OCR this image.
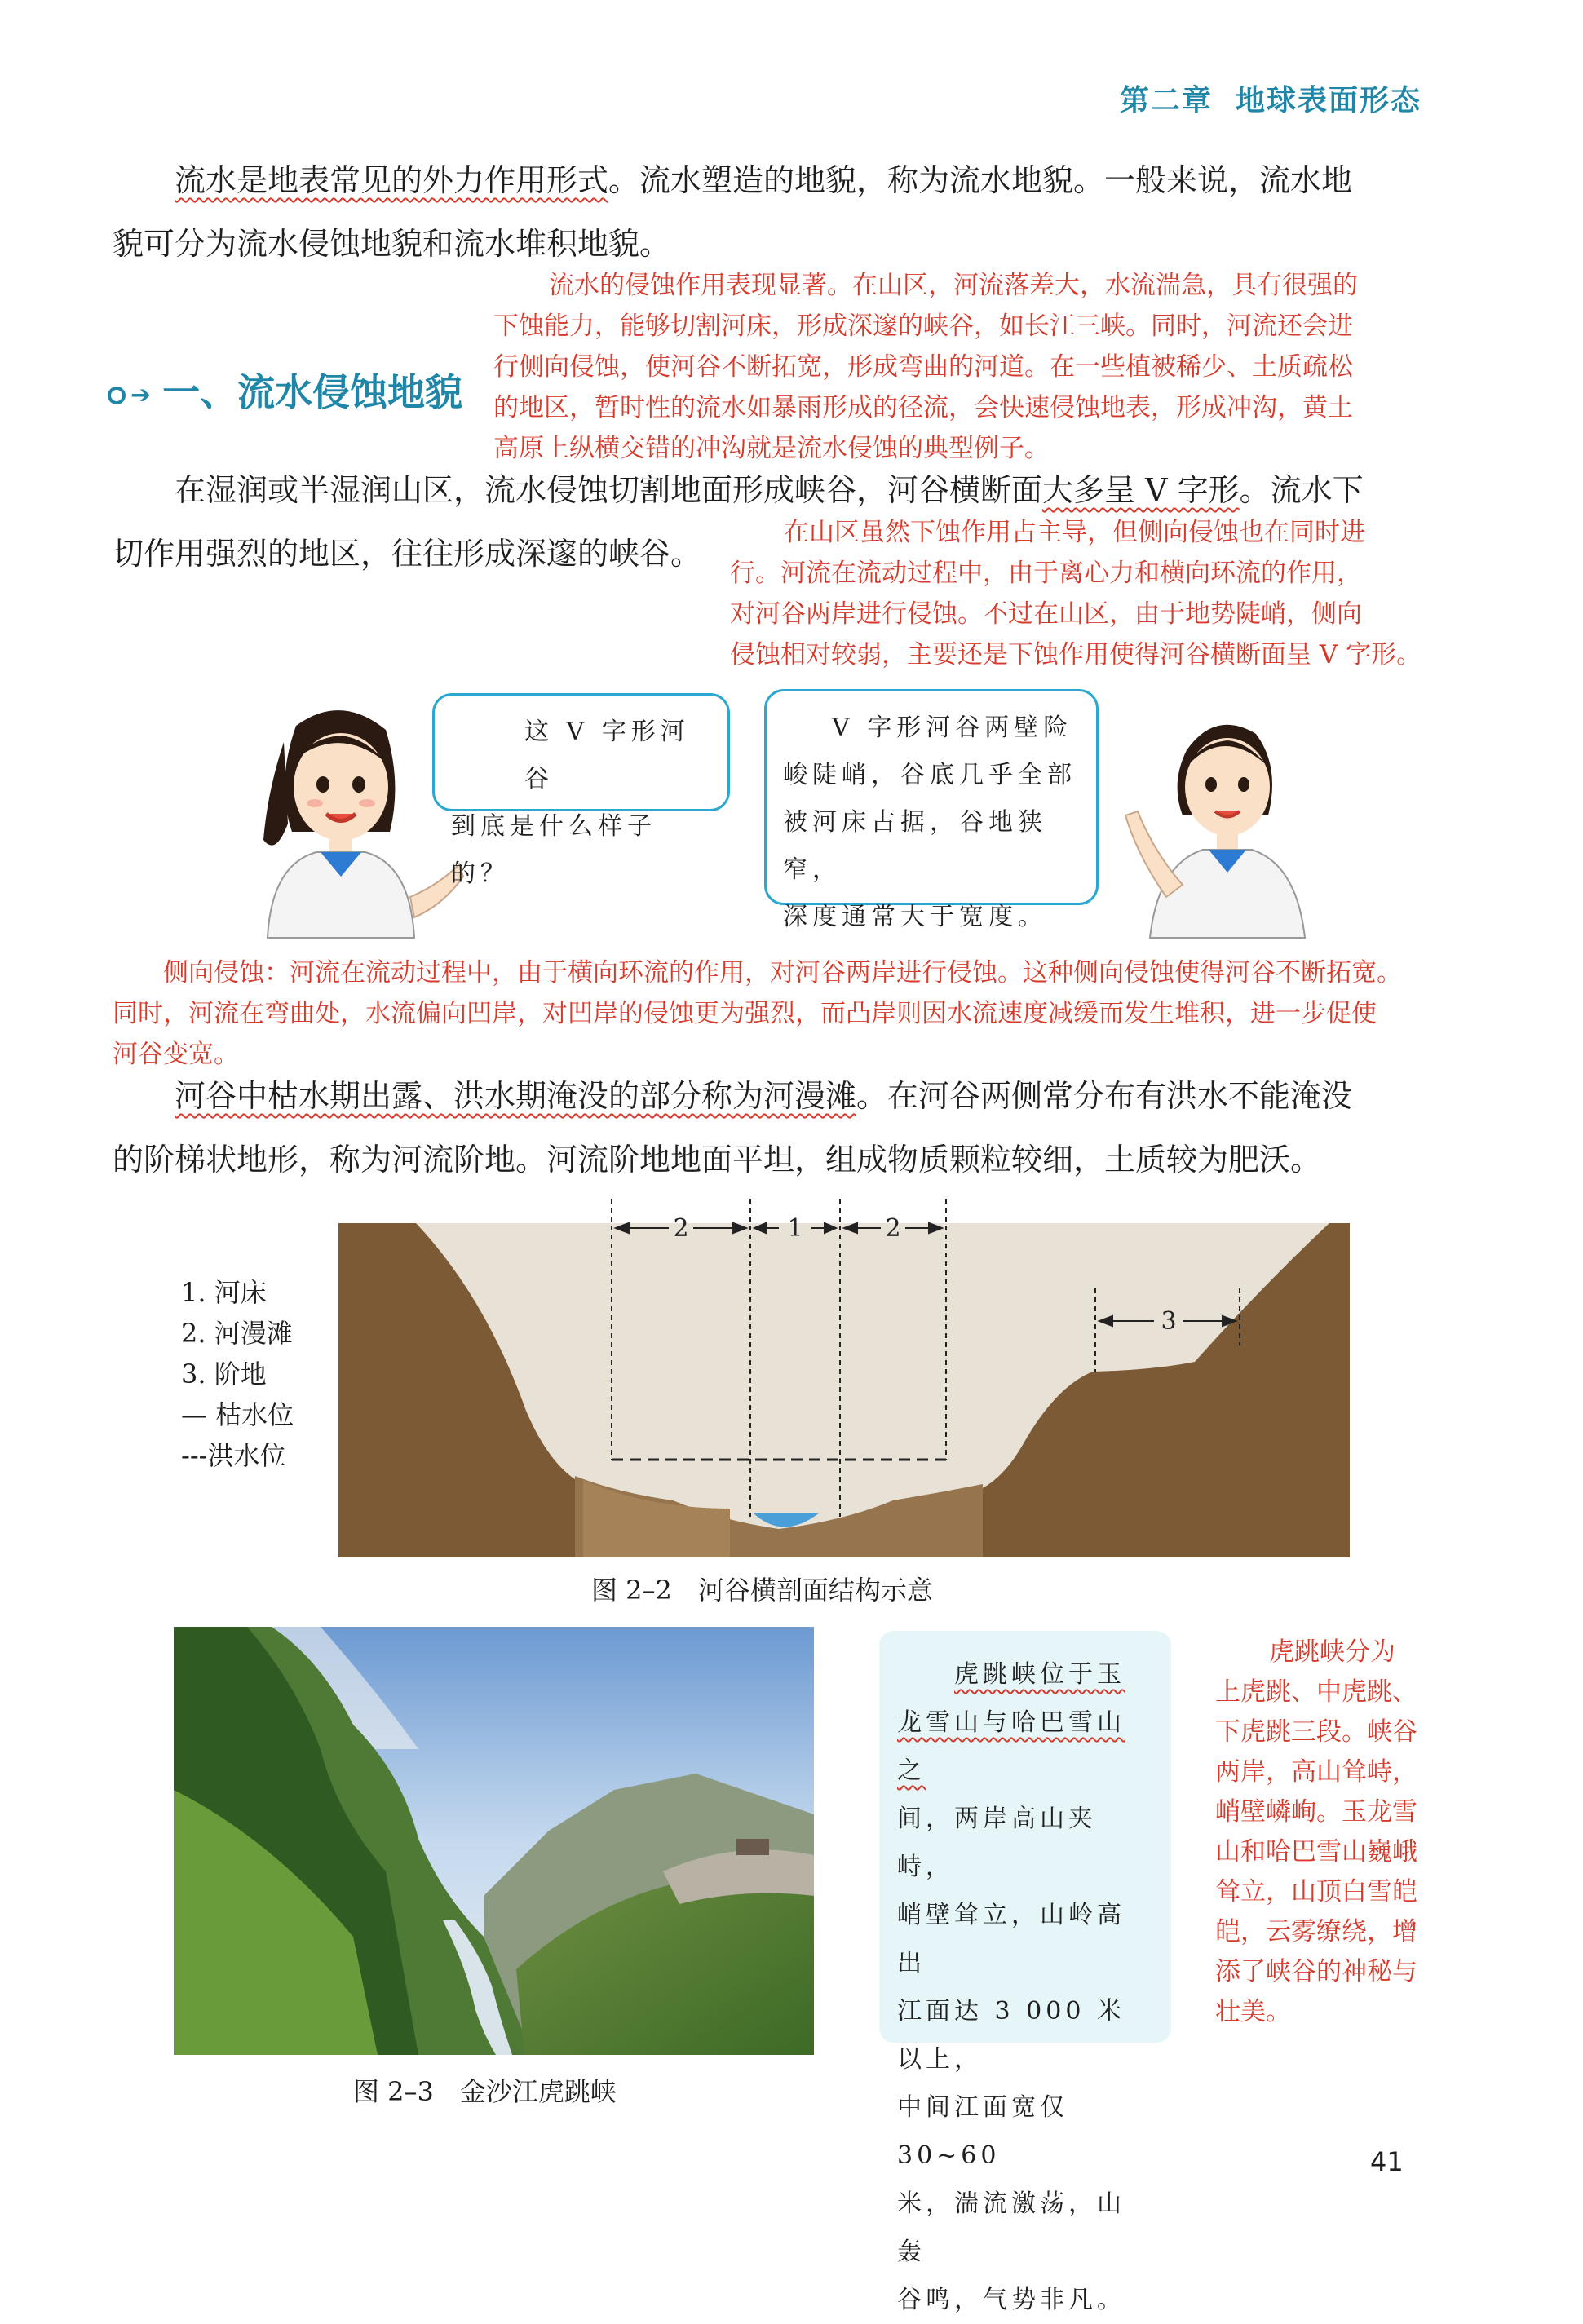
第二章 地球表面形态
流水是地表常见的外力作用形式。流水塑造的地貌，称为流水地貌。一般来说，流水地
貌可分为流水侵蚀地貌和流水堆积地貌。
流水的侵蚀作用表现显著。在山区，河流落差大，水流湍急，具有很强的
下蚀能力，能够切割河床，形成深邃的峡谷，如长江三峡。同时，河流还会进
行侧向侵蚀，使河谷不断拓宽，形成弯曲的河道。在一些植被稀少、土质疏松
的地区，暂时性的流水如暴雨形成的径流，会快速侵蚀地表，形成冲沟，黄土
高原上纵横交错的冲沟就是流水侵蚀的典型例子。
➔ 一、流水侵蚀地貌
在湿润或半湿润山区，流水侵蚀切割地面形成峡谷，河谷横断面大多呈 V 字形。流水下
切作用强烈的地区，往往形成深邃的峡谷。
在山区虽然下蚀作用占主导，但侧向侵蚀也在同时进
行。河流在流动过程中，由于离心力和横向环流的作用，
对河谷两岸进行侵蚀。不过在山区，由于地势陡峭，侧向
侵蚀相对较弱，主要还是下蚀作用使得河谷横断面呈 V 字形。
这 V 字形河谷
到底是什么样子的？
V 字形河谷两壁险
峻陡峭，谷底几乎全部
被河床占据，谷地狭窄，
深度通常大于宽度。
侧向侵蚀：河流在流动过程中，由于横向环流的作用，对河谷两岸进行侵蚀。这种侧向侵蚀使得河谷不断拓宽。
同时，河流在弯曲处，水流偏向凹岸，对凹岸的侵蚀更为强烈，而凸岸则因水流速度减缓而发生堆积，进一步促使
河谷变宽。
河谷中枯水期出露、洪水期淹没的部分称为河漫滩。在河谷两侧常分布有洪水不能淹没
的阶梯状地形，称为河流阶地。河流阶地地面平坦，组成物质颗粒较细，土质较为肥沃。
1. 河床
2. 河漫滩
3. 阶地
— 枯水位
---洪水位
2	1	2
3
图 2–2　河谷横剖面结构示意
图 2–3　金沙江虎跳峡
虎跳峡位于玉
龙雪山与哈巴雪山之
间，两岸高山夹峙，
峭壁耸立，山岭高出
江面达 3 000 米以上，
中间江面宽仅 30~60
米，湍流激荡，山轰
谷鸣，气势非凡。
虎跳峡分为
上虎跳、中虎跳、
下虎跳三段。峡谷
两岸，高山耸峙，
峭壁嶙峋。玉龙雪
山和哈巴雪山巍峨
耸立，山顶白雪皑
皑，云雾缭绕，增
添了峡谷的神秘与
壮美。
41
